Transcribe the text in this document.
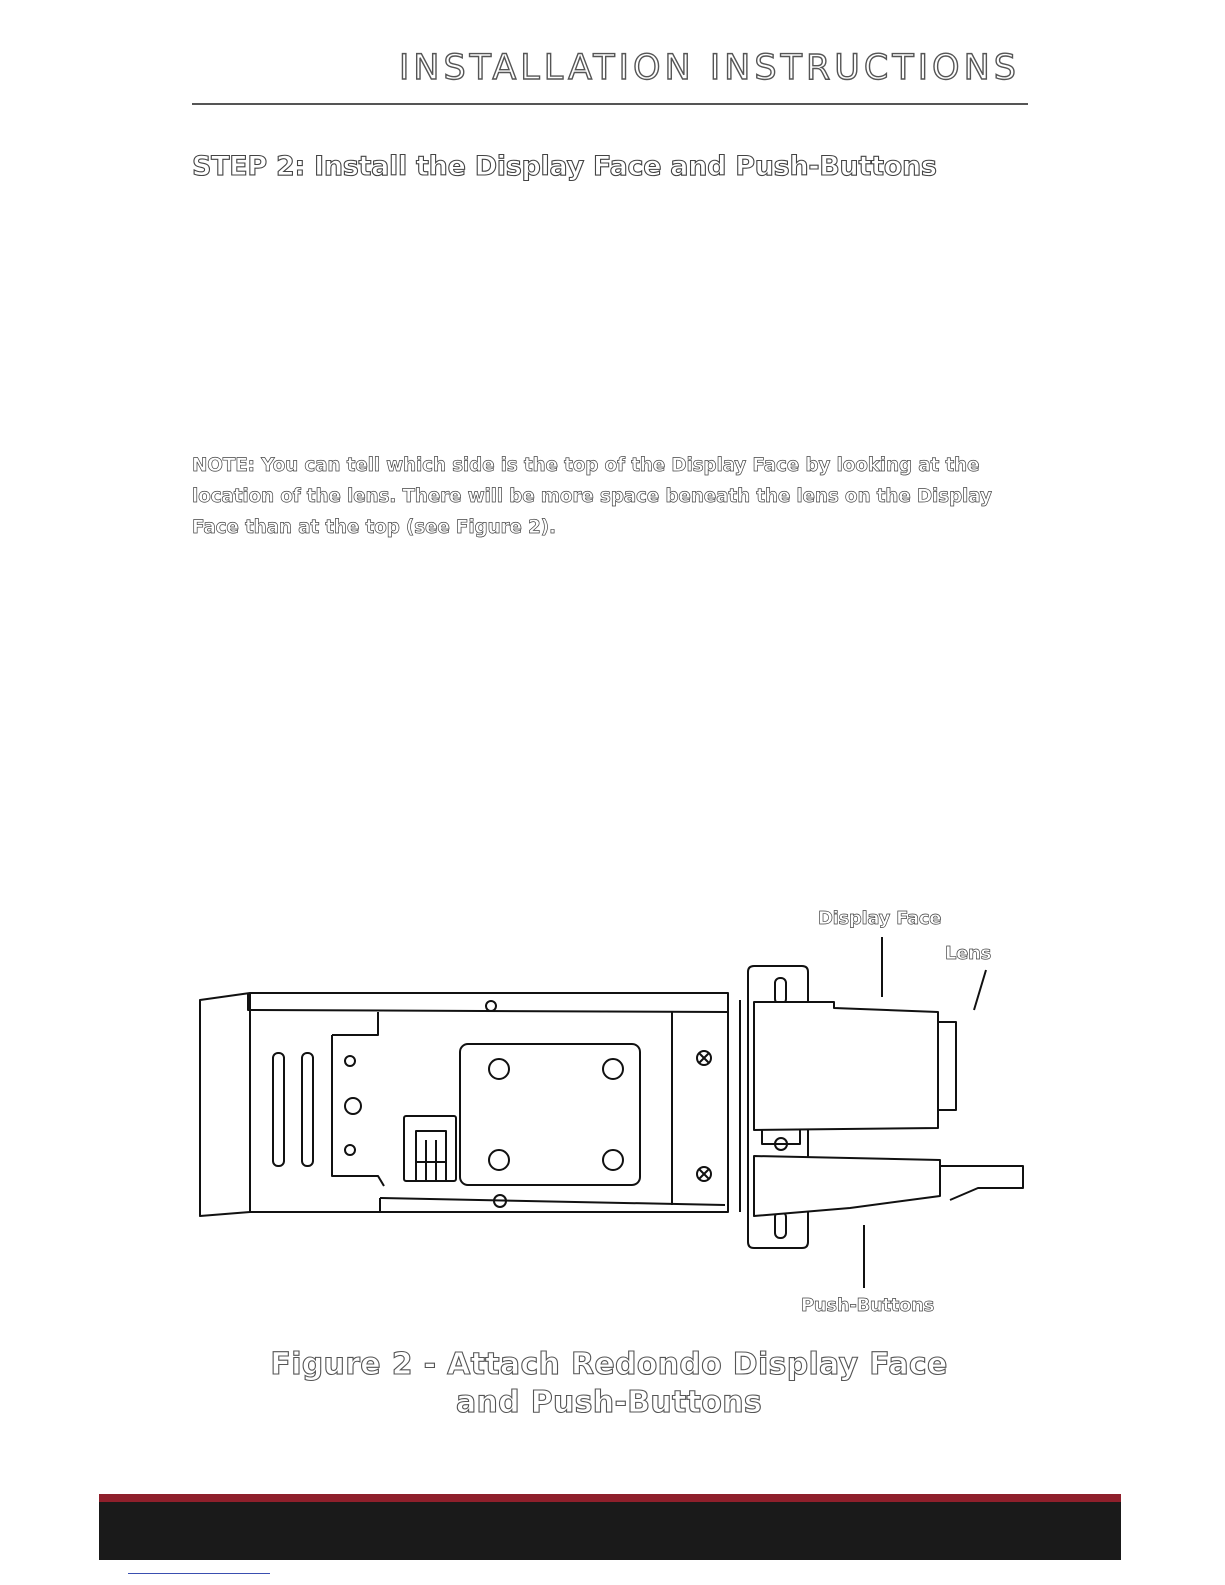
INSTALLATION INSTRUCTIONS
STEP 2: Install the Display Face and Push-Buttons

NOTE: You can tell which side is the top of the Display Face by looking at the location of the lens. There will be more space beneath the lens on the Display Face than at the top (see Figure 2).

Display Face
Lens
Push-Buttons

Figure 2 - Attach Redondo Display Face
and Push-Buttons
